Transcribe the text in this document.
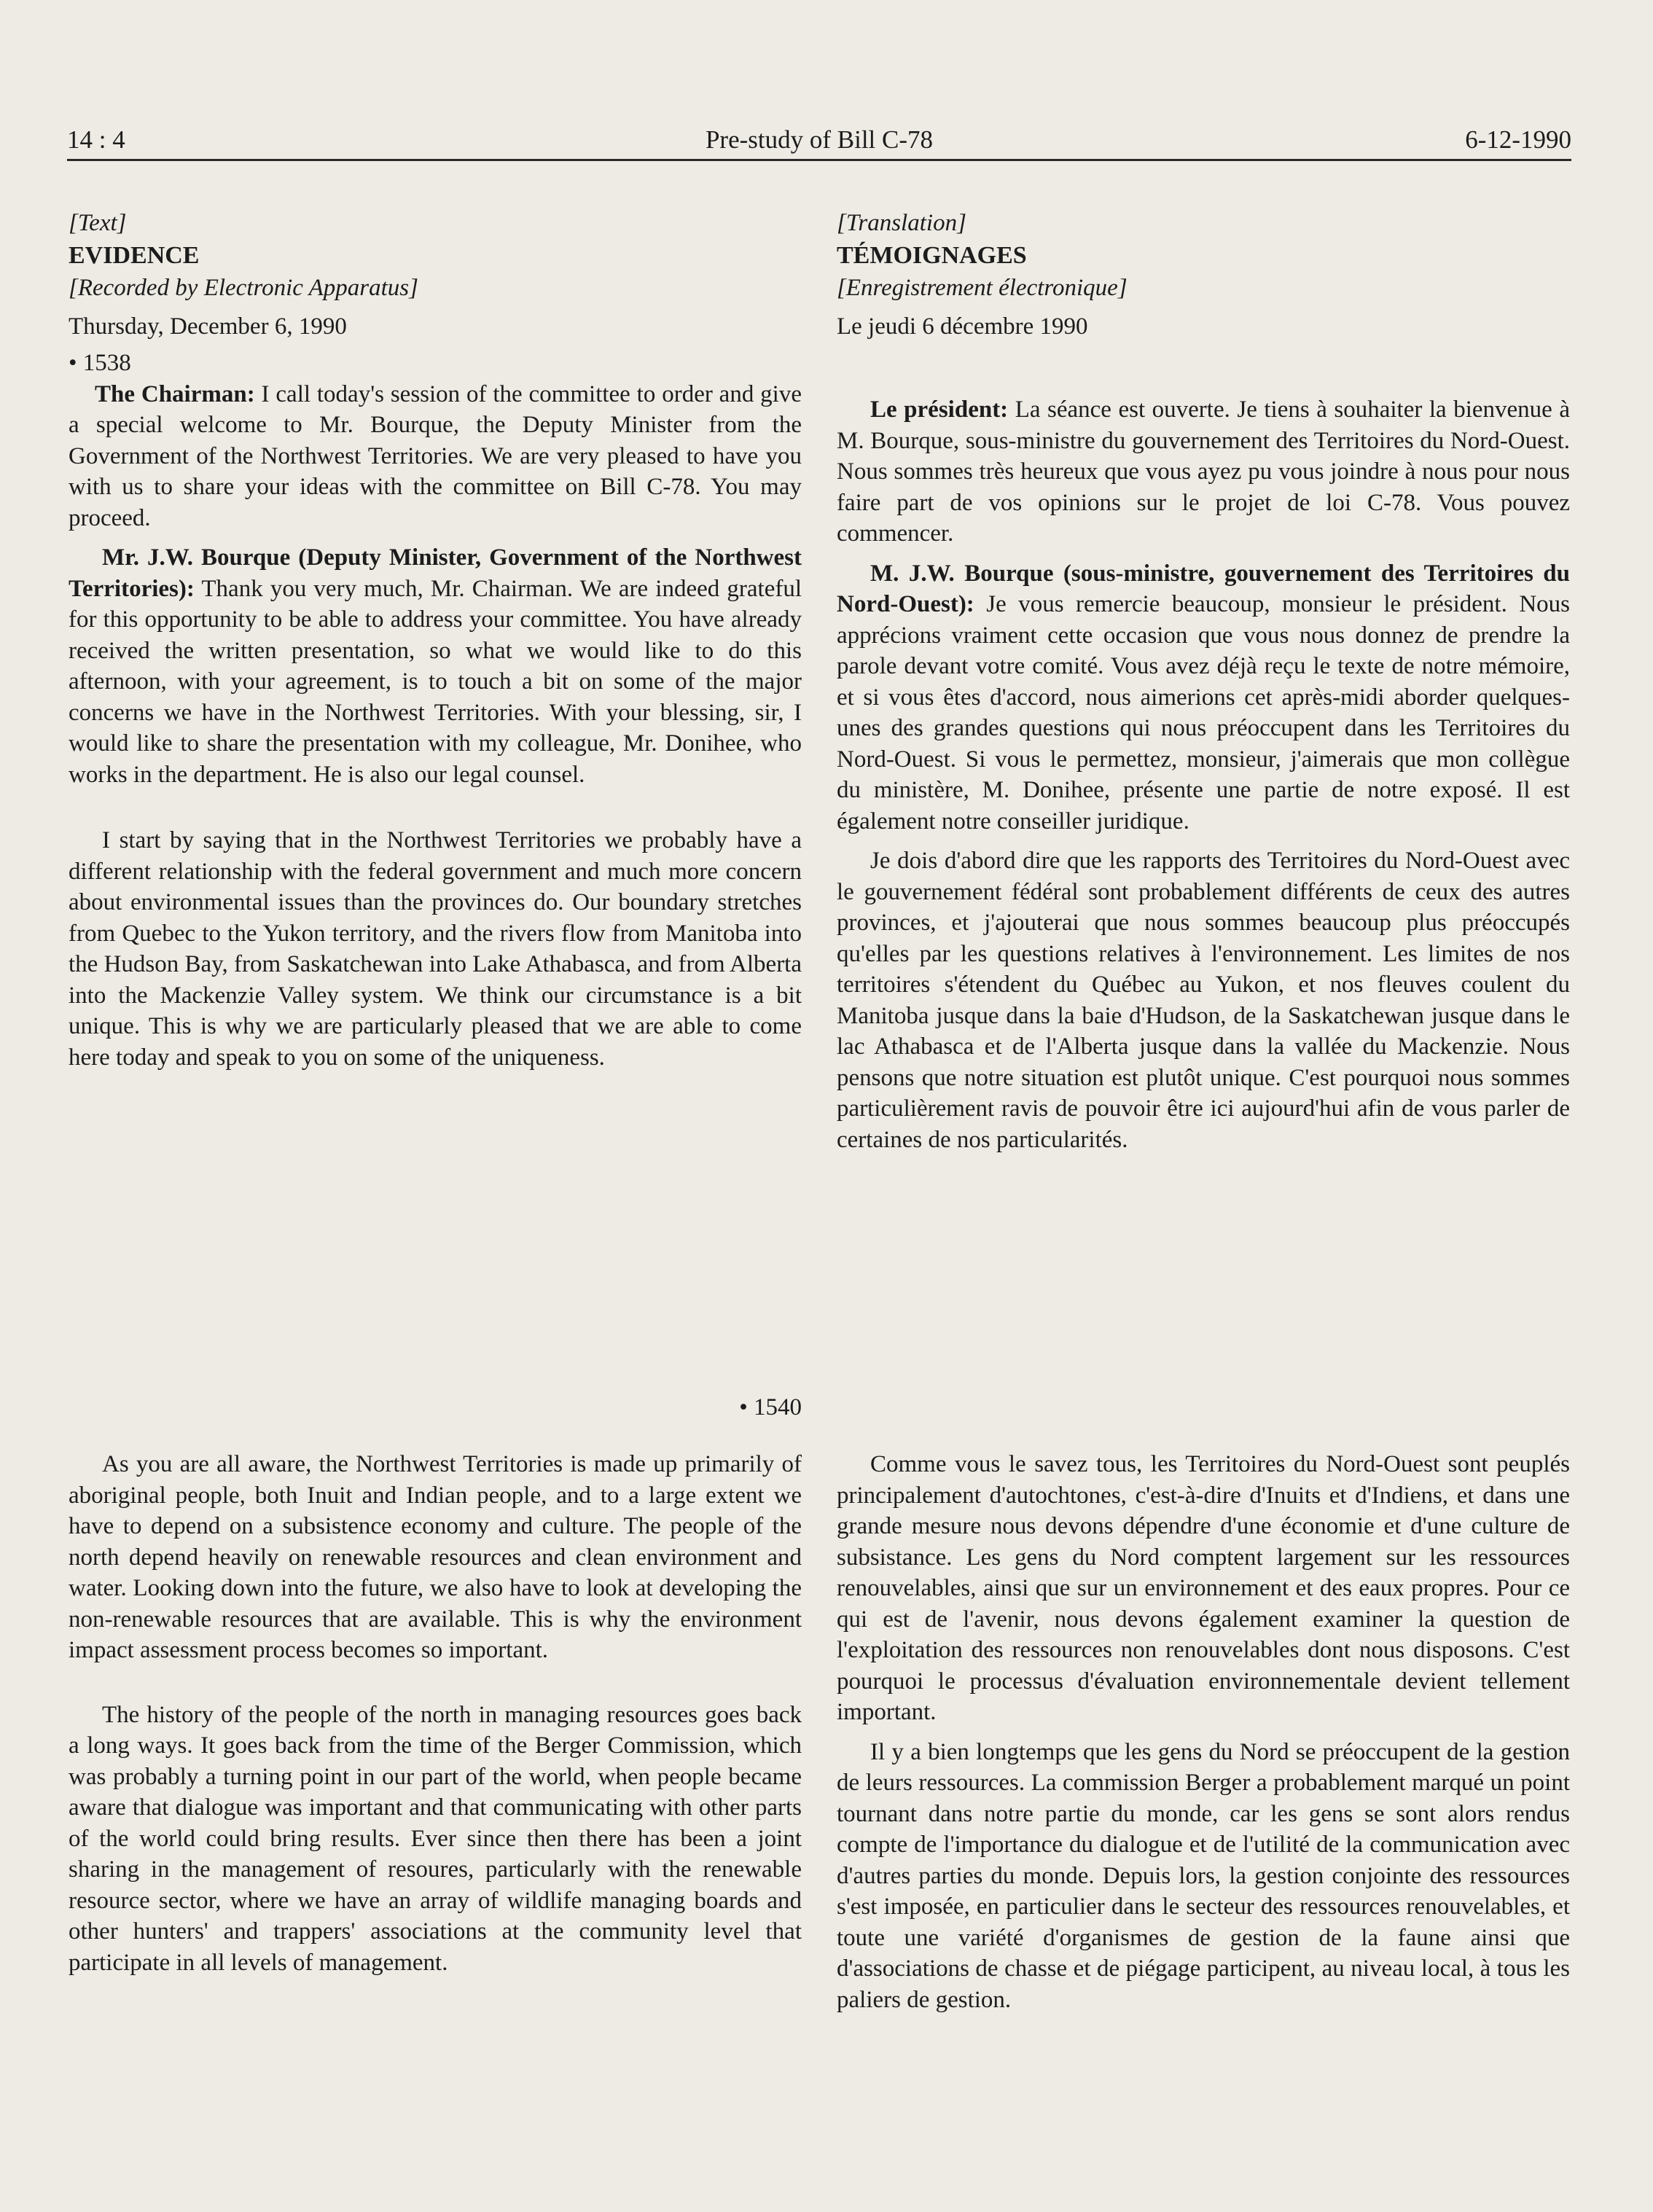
14 : 4	Pre-study of Bill C-78	6-12-1990

[Text]

EVIDENCE

[Recorded by Electronic Apparatus]

Thursday, December 6, 1990

• 1538

The Chairman: I call today's session of the committee to order and give a special welcome to Mr. Bourque, the Deputy Minister from the Government of the Northwest Territories. We are very pleased to have you with us to share your ideas with the committee on Bill C-78. You may proceed.

Mr. J.W. Bourque (Deputy Minister, Government of the Northwest Territories): Thank you very much, Mr. Chairman. We are indeed grateful for this opportunity to be able to address your committee. You have already received the written presentation, so what we would like to do this afternoon, with your agreement, is to touch a bit on some of the major concerns we have in the Northwest Territories. With your blessing, sir, I would like to share the presentation with my colleague, Mr. Donihee, who works in the department. He is also our legal counsel.

I start by saying that in the Northwest Territories we probably have a different relationship with the federal government and much more concern about environmental issues than the provinces do. Our boundary stretches from Quebec to the Yukon territory, and the rivers flow from Manitoba into the Hudson Bay, from Saskatchewan into Lake Athabasca, and from Alberta into the Mackenzie Valley system. We think our circumstance is a bit unique. This is why we are particularly pleased that we are able to come here today and speak to you on some of the uniqueness.

[Translation]

TÉMOIGNAGES

[Enregistrement électronique]

Le jeudi 6 décembre 1990

Le président: La séance est ouverte. Je tiens à souhaiter la bienvenue à M. Bourque, sous-ministre du gouvernement des Territoires du Nord-Ouest. Nous sommes très heureux que vous ayez pu vous joindre à nous pour nous faire part de vos opinions sur le projet de loi C-78. Vous pouvez commencer.

M. J.W. Bourque (sous-ministre, gouvernement des Territoires du Nord-Ouest): Je vous remercie beaucoup, monsieur le président. Nous apprécions vraiment cette occasion que vous nous donnez de prendre la parole devant votre comité. Vous avez déjà reçu le texte de notre mémoire, et si vous êtes d'accord, nous aimerions cet après-midi aborder quelques-unes des grandes questions qui nous préoccupent dans les Territoires du Nord-Ouest. Si vous le permettez, monsieur, j'aimerais que mon collègue du ministère, M. Donihee, présente une partie de notre exposé. Il est également notre conseiller juridique.

Je dois d'abord dire que les rapports des Territoires du Nord-Ouest avec le gouvernement fédéral sont probablement différents de ceux des autres provinces, et j'ajouterai que nous sommes beaucoup plus préoccupés qu'elles par les questions relatives à l'environnement. Les limites de nos territoires s'étendent du Québec au Yukon, et nos fleuves coulent du Manitoba jusque dans la baie d'Hudson, de la Saskatchewan jusque dans le lac Athabasca et de l'Alberta jusque dans la vallée du Mackenzie. Nous pensons que notre situation est plutôt unique. C'est pourquoi nous sommes particulièrement ravis de pouvoir être ici aujourd'hui afin de vous parler de certaines de nos particularités.

• 1540

As you are all aware, the Northwest Territories is made up primarily of aboriginal people, both Inuit and Indian people, and to a large extent we have to depend on a subsistence economy and culture. The people of the north depend heavily on renewable resources and clean environment and water. Looking down into the future, we also have to look at developing the non-renewable resources that are available. This is why the environment impact assessment process becomes so important.

The history of the people of the north in managing resources goes back a long ways. It goes back from the time of the Berger Commission, which was probably a turning point in our part of the world, when people became aware that dialogue was important and that communicating with other parts of the world could bring results. Ever since then there has been a joint sharing in the management of resoures, particularly with the renewable resource sector, where we have an array of wildlife managing boards and other hunters' and trappers' associations at the community level that participate in all levels of management.

Comme vous le savez tous, les Territoires du Nord-Ouest sont peuplés principalement d'autochtones, c'est-à-dire d'Inuits et d'Indiens, et dans une grande mesure nous devons dépendre d'une économie et d'une culture de subsistance. Les gens du Nord comptent largement sur les ressources renouvelables, ainsi que sur un environnement et des eaux propres. Pour ce qui est de l'avenir, nous devons également examiner la question de l'exploitation des ressources non renouvelables dont nous disposons. C'est pourquoi le processus d'évaluation environnementale devient tellement important.

Il y a bien longtemps que les gens du Nord se préoccupent de la gestion de leurs ressources. La commission Berger a probablement marqué un point tournant dans notre partie du monde, car les gens se sont alors rendus compte de l'importance du dialogue et de l'utilité de la communication avec d'autres parties du monde. Depuis lors, la gestion conjointe des ressources s'est imposée, en particulier dans le secteur des ressources renouvelables, et toute une variété d'organismes de gestion de la faune ainsi que d'associations de chasse et de piégage participent, au niveau local, à tous les paliers de gestion.
